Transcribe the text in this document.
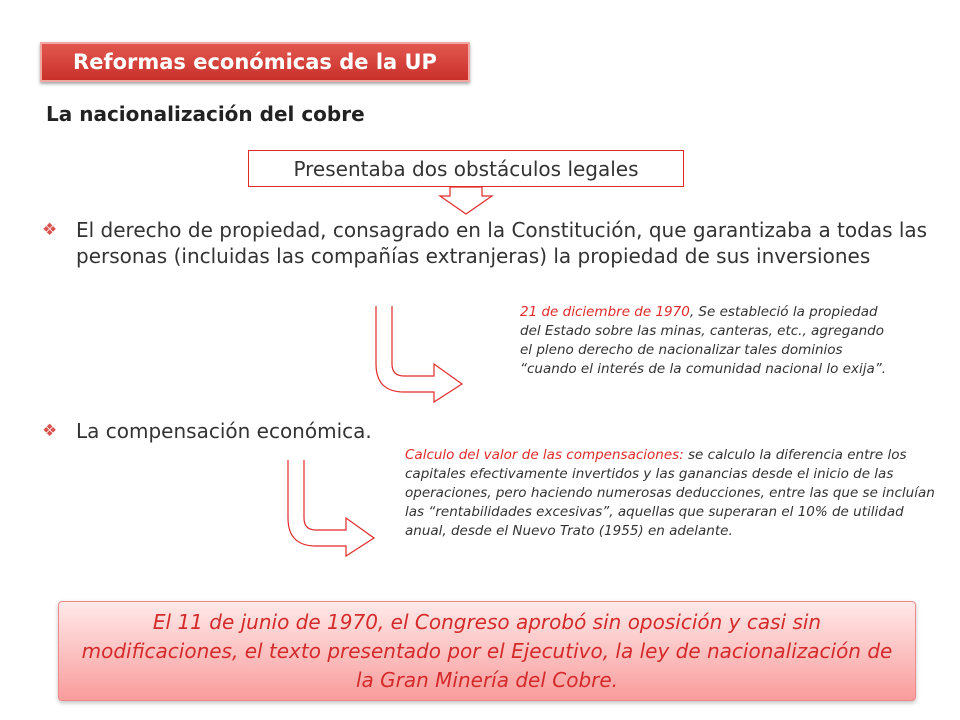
Reformas económicas de la UP
La nacionalización del cobre
Presentaba dos obstáculos legales
❖ El derecho de propiedad, consagrado en la Constitución, que garantizaba a todas las personas (incluidas las compañías extranjeras) la propiedad de sus inversiones
21 de diciembre de 1970, Se estableció la propiedad del Estado sobre las minas, canteras, etc., agregando el pleno derecho de nacionalizar tales dominios “cuando el interés de la comunidad nacional lo exija”.
❖ La compensación económica.
Calculo del valor de las compensaciones: se calculo la diferencia entre los capitales efectivamente invertidos y las ganancias desde el inicio de las operaciones, pero haciendo numerosas deducciones, entre las que se incluían las “rentabilidades excesivas”, aquellas que superaran el 10% de utilidad anual, desde el Nuevo Trato (1955) en adelante.
El 11 de junio de 1970, el Congreso aprobó sin oposición y casi sin modificaciones, el texto presentado por el Ejecutivo, la ley de nacionalización de la Gran Minería del Cobre.
